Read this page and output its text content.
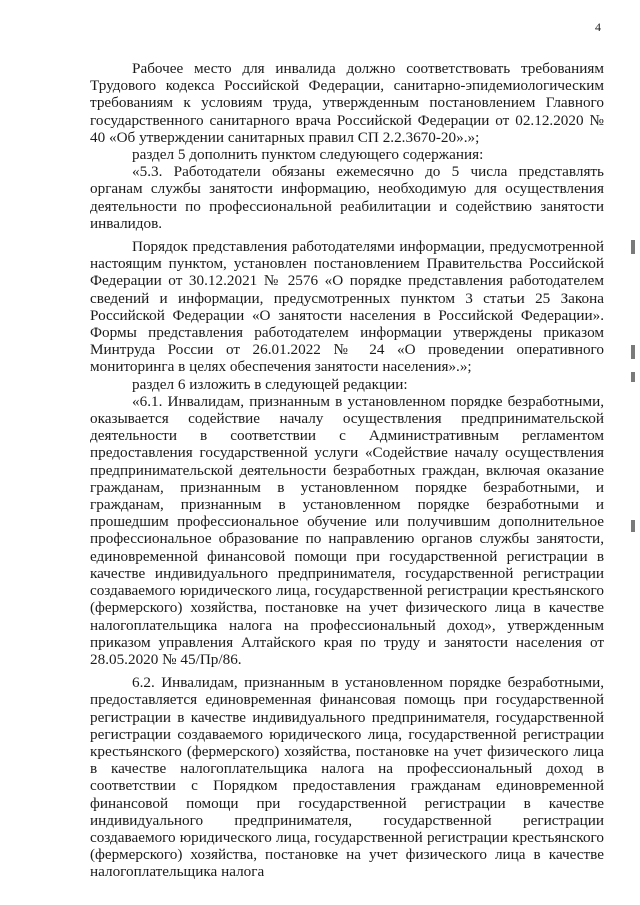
4

Рабочее место для инвалида должно соответствовать требованиям Трудового кодекса Российской Федерации, санитарно-эпидемиологическим требованиям к условиям труда, утвержденным постановлением Главного государственного санитарного врача Российской Федерации от 02.12.2020 № 40 «Об утверждении санитарных правил СП 2.2.3670-20».»;

раздел 5 дополнить пунктом следующего содержания:

«5.3. Работодатели обязаны ежемесячно до 5 числа представлять органам службы занятости информацию, необходимую для осуществления деятельности по профессиональной реабилитации и содействию занятости инвалидов.

Порядок представления работодателями информации, предусмотренной настоящим пунктом, установлен постановлением Правительства Российской Федерации от 30.12.2021 № 2576 «О порядке представления работодателем сведений и информации, предусмотренных пунктом 3 статьи 25 Закона Российской Федерации «О занятости населения в Российской Федерации». Формы представления работодателем информации утверждены приказом Минтруда России от 26.01.2022 № 24 «О проведении оперативного мониторинга в целях обеспечения занятости населения».»;

раздел 6 изложить в следующей редакции:

«6.1. Инвалидам, признанным в установленном порядке безработными, оказывается содействие началу осуществления предпринимательской деятельности в соответствии с Административным регламентом предоставления государственной услуги «Содействие началу осуществления предпринимательской деятельности безработных граждан, включая оказание гражданам, признанным в установленном порядке безработными, и гражданам, признанным в установленном порядке безработными и прошедшим профессиональное обучение или получившим дополнительное профессиональное образование по направлению органов службы занятости, единовременной финансовой помощи при государственной регистрации в качестве индивидуального предпринимателя, государственной регистрации создаваемого юридического лица, государственной регистрации крестьянского (фермерского) хозяйства, постановке на учет физического лица в качестве налогоплательщика налога на профессиональный доход», утвержденным приказом управления Алтайского края по труду и занятости населения от 28.05.2020 № 45/Пр/86.

6.2. Инвалидам, признанным в установленном порядке безработными, предоставляется единовременная финансовая помощь при государственной регистрации в качестве индивидуального предпринимателя, государственной регистрации создаваемого юридического лица, государственной регистрации крестьянского (фермерского) хозяйства, постановке на учет физического лица в качестве налогоплательщика налога на профессиональный доход в соответствии с Порядком предоставления гражданам единовременной финансовой помощи при государственной регистрации в качестве индивидуального предпринимателя, государственной регистрации создаваемого юридического лица, государственной регистрации крестьянского (фермерского) хозяйства, постановке на учет физического лица в качестве налогоплательщика налога
